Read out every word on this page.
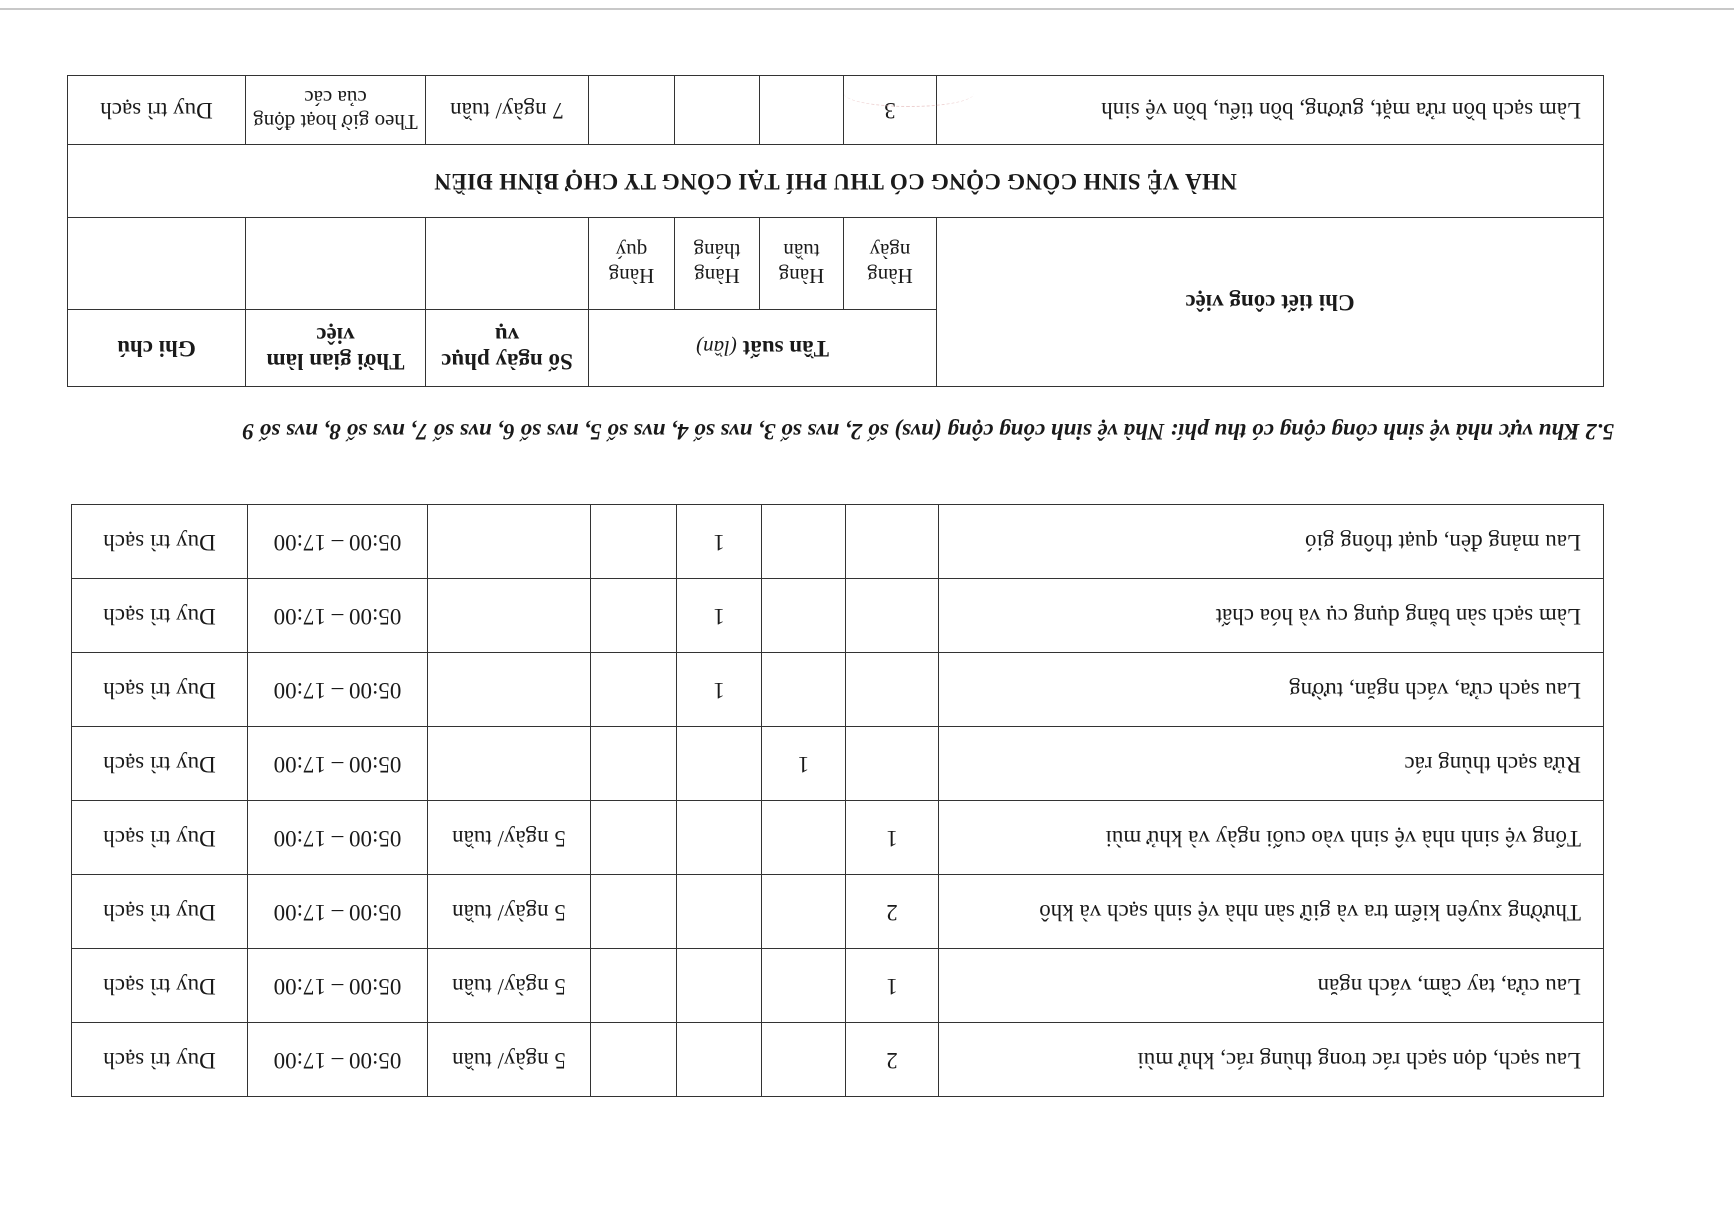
Lau sạch, dọn sạch rác trong thùng rác, khử mùi	2				5 ngày/ tuần	05:00 – 17:00	Duy trì sạch
Lau cửa, tay cầm, vách ngăn	1				5 ngày/ tuần	05:00 – 17:00	Duy trì sạch
Thường xuyên kiểm tra và giữ sàn nhà vệ sinh sạch và khô	2				5 ngày/ tuần	05:00 – 17:00	Duy trì sạch
Tổng vệ sinh nhà vệ sinh vào cuối ngày và khử mùi	1				5 ngày/ tuần	05:00 – 17:00	Duy trì sạch
Rửa sạch thùng rác		1				05:00 – 17:00	Duy trì sạch
Lau sạch cửa, vách ngăn, tường			1			05:00 – 17:00	Duy trì sạch
Làm sạch sàn bằng dụng cụ và hóa chất			1			05:00 – 17:00	Duy trì sạch
Lau mảng đèn, quạt thông gió			1			05:00 – 17:00	Duy trì sạch
5.2 Khu vực nhà vệ sinh công cộng có thu phí: Nhà vệ sinh công cộng (nvs) số 2, nvs số 3, nvs số 4, nvs số 5, nvs số 6, nvs số 7, nvs số 8, nvs số 9
Chi tiết công việc	Tần suất (lần)				Số ngày phục vụ	Thời gian làm việc	Ghi chú
	Hàng ngày	Hàng tuần	Hàng tháng	Hàng quý			
NHÀ VỆ SINH CÔNG CỘNG CÓ THU PHÍ TẠI CÔNG TY CHỢ BÌNH ĐIỀN							
Làm sạch bồn rửa mặt, gương, bồn tiểu, bồn vệ sinh	3				7 ngày/ tuần	Theo giờ hoạt động của các	Duy trì sạch
